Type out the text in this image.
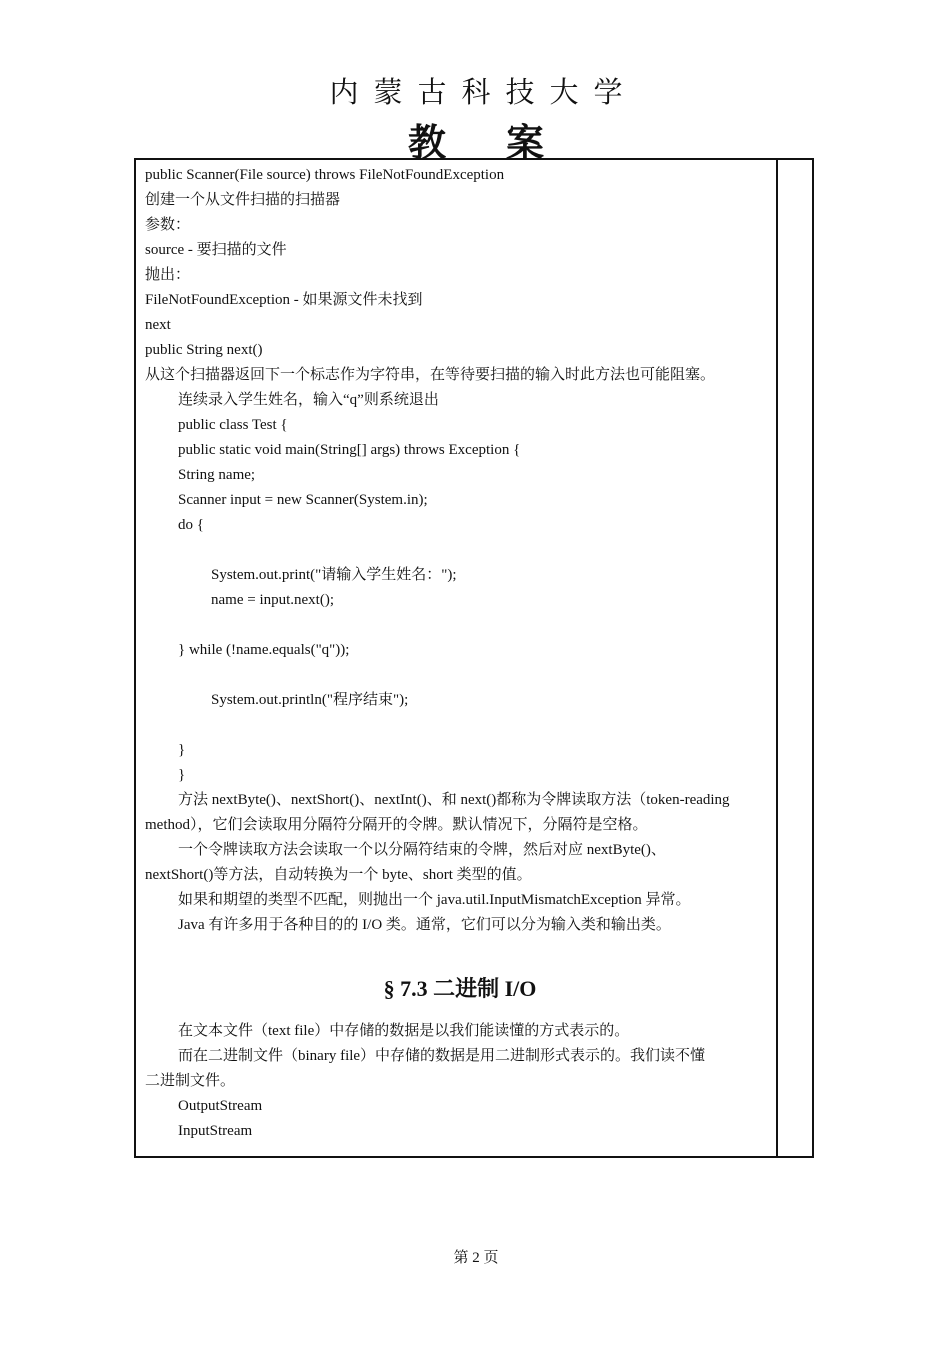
内蒙古科技大学
教案
public Scanner(File source) throws FileNotFoundException
创建一个从文件扫描的扫描器
参数：
source - 要扫描的文件
抛出：
FileNotFoundException - 如果源文件未找到
next
public String next()
从这个扫描器返回下一个标志作为字符串，在等待要扫描的输入时此方法也可能阻塞。
连续录入学生姓名，输入“q”则系统退出
public class Test {
public static void main(String[] args) throws Exception {
String name;
Scanner input = new Scanner(System.in);
do {
System.out.print("请输入学生姓名：");
name = input.next();
} while (!name.equals("q"));
System.out.println("程序结束");
}
}
方法 nextByte()、nextShort()、nextInt()、和 next()都称为令牌读取方法（token-reading
method），它们会读取用分隔符分隔开的令牌。默认情况下，分隔符是空格。
一个令牌读取方法会读取一个以分隔符结束的令牌，然后对应 nextByte()、
nextShort()等方法，自动转换为一个 byte、short 类型的值。
如果和期望的类型不匹配，则抛出一个 java.util.InputMismatchException 异常。
Java 有许多用于各种目的的 I/O 类。通常，它们可以分为输入类和输出类。
§ 7.3 二进制 I/O
在文本文件（text file）中存储的数据是以我们能读懂的方式表示的。
而在二进制文件（binary file）中存储的数据是用二进制形式表示的。我们读不懂
二进制文件。
OutputStream
InputStream
第 2 页
